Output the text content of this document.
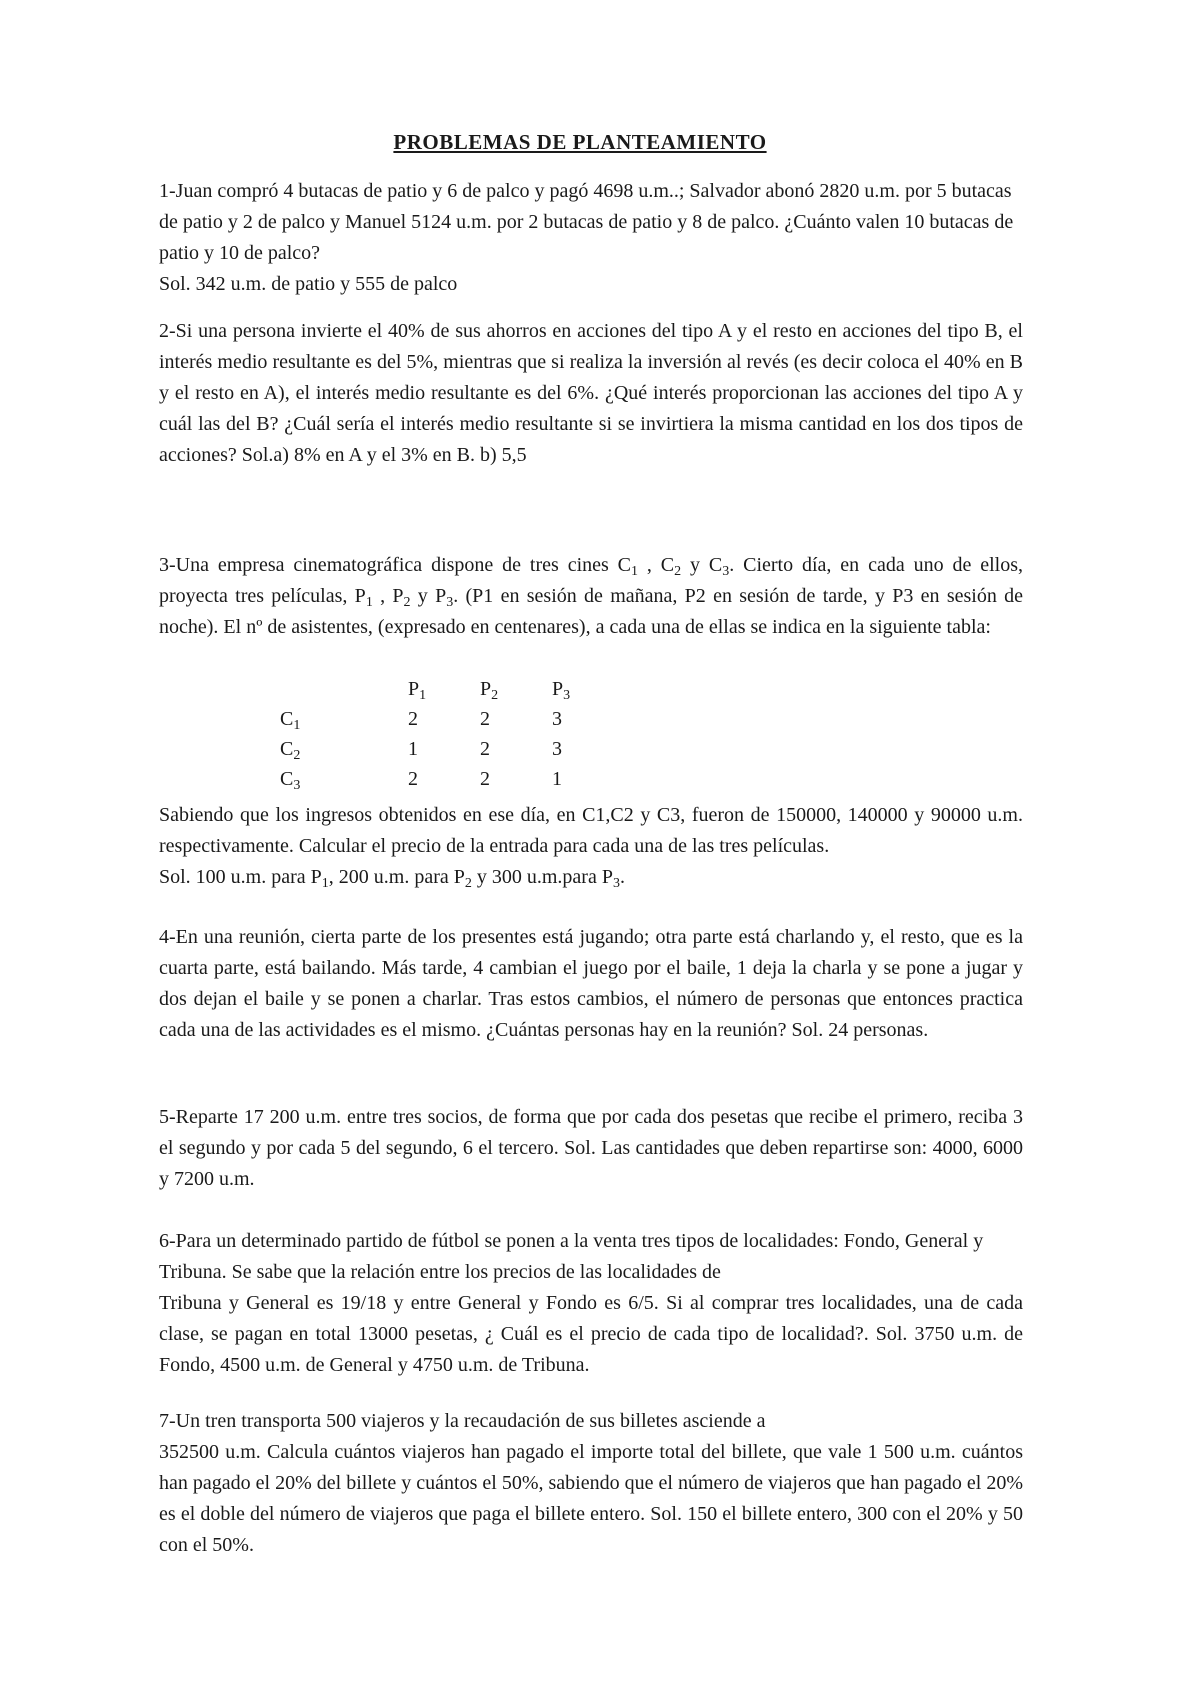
PROBLEMAS DE PLANTEAMIENTO

1-Juan compró 4 butacas de patio y 6 de palco y pagó 4698 u.m..; Salvador abonó 2820 u.m. por 5 butacas de patio y 2 de palco y Manuel 5124 u.m. por 2 butacas de patio y 8 de palco. ¿Cuánto valen 10 butacas de patio y 10 de palco?

Sol. 342 u.m. de patio y 555 de palco

2-Si una persona invierte el 40% de sus ahorros en acciones del tipo A y el resto en acciones del tipo B, el interés medio resultante es del 5%, mientras que si realiza la inversión al revés (es decir coloca el 40% en B y el resto en A), el interés medio resultante es del 6%. ¿Qué interés proporcionan las acciones del tipo A y cuál las del B? ¿Cuál sería el interés medio resultante si se invirtiera la misma cantidad en los dos tipos de acciones? Sol.a) 8% en A y el 3% en B. b) 5,5

3-Una empresa cinematográfica dispone de tres cines $C_1$ , $C_2$ y $C_3$. Cierto día, en cada uno de ellos, proyecta tres películas, $P_1$ , $P_2$ y $P_3$. (P1 en sesión de mañana, P2 en sesión de tarde, y P3 en sesión de noche). El nº de asistentes, (expresado en centenares), a cada una de ellas se indica en la siguiente tabla:

	$P_1$	$P_2$	$P_3$
$C_1$	2	2	3
$C_2$	1	2	3
$C_3$	2	2	1

Sabiendo que los ingresos obtenidos en ese día, en C1,C2 y C3, fueron de 150000, 140000 y 90000 u.m. respectivamente. Calcular el precio de la entrada para cada una de las tres películas.

Sol. 100 u.m. para $P_1$, 200 u.m. para $P_2$ y 300 u.m.para $P_3$.

4-En una reunión, cierta parte de los presentes está jugando; otra parte está charlando y, el resto, que es la cuarta parte, está bailando. Más tarde, 4 cambian el juego por el baile, 1 deja la charla y se pone a jugar y dos dejan el baile y se ponen a charlar. Tras estos cambios, el número de personas que entonces practica cada una de las actividades es el mismo. ¿Cuántas personas hay en la reunión? Sol. 24 personas.

5-Reparte 17 200 u.m. entre tres socios, de forma que por cada dos pesetas que recibe el primero, reciba 3 el segundo y por cada 5 del segundo, 6 el tercero. Sol. Las cantidades que deben repartirse son: 4000, 6000 y 7200 u.m.

6-Para un determinado partido de fútbol se ponen a la venta tres tipos de localidades: Fondo, General y Tribuna. Se sabe que la relación entre los precios de las localidades de

Tribuna y General es 19/18 y entre General y Fondo es 6/5. Si al comprar tres localidades, una de cada clase, se pagan en total 13000 pesetas, ¿ Cuál es el precio de cada tipo de localidad?. Sol. 3750 u.m. de Fondo, 4500 u.m. de General y 4750 u.m. de Tribuna.

7-Un tren transporta 500 viajeros y la recaudación de sus billetes asciende a

352500 u.m. Calcula cuántos viajeros han pagado el importe total del billete, que vale 1 500 u.m. cuántos han pagado el 20% del billete y cuántos el 50%, sabiendo que el número de viajeros que han pagado el 20% es el doble del número de viajeros que paga el billete entero. Sol. 150 el billete entero, 300 con el 20% y 50 con el 50%.
